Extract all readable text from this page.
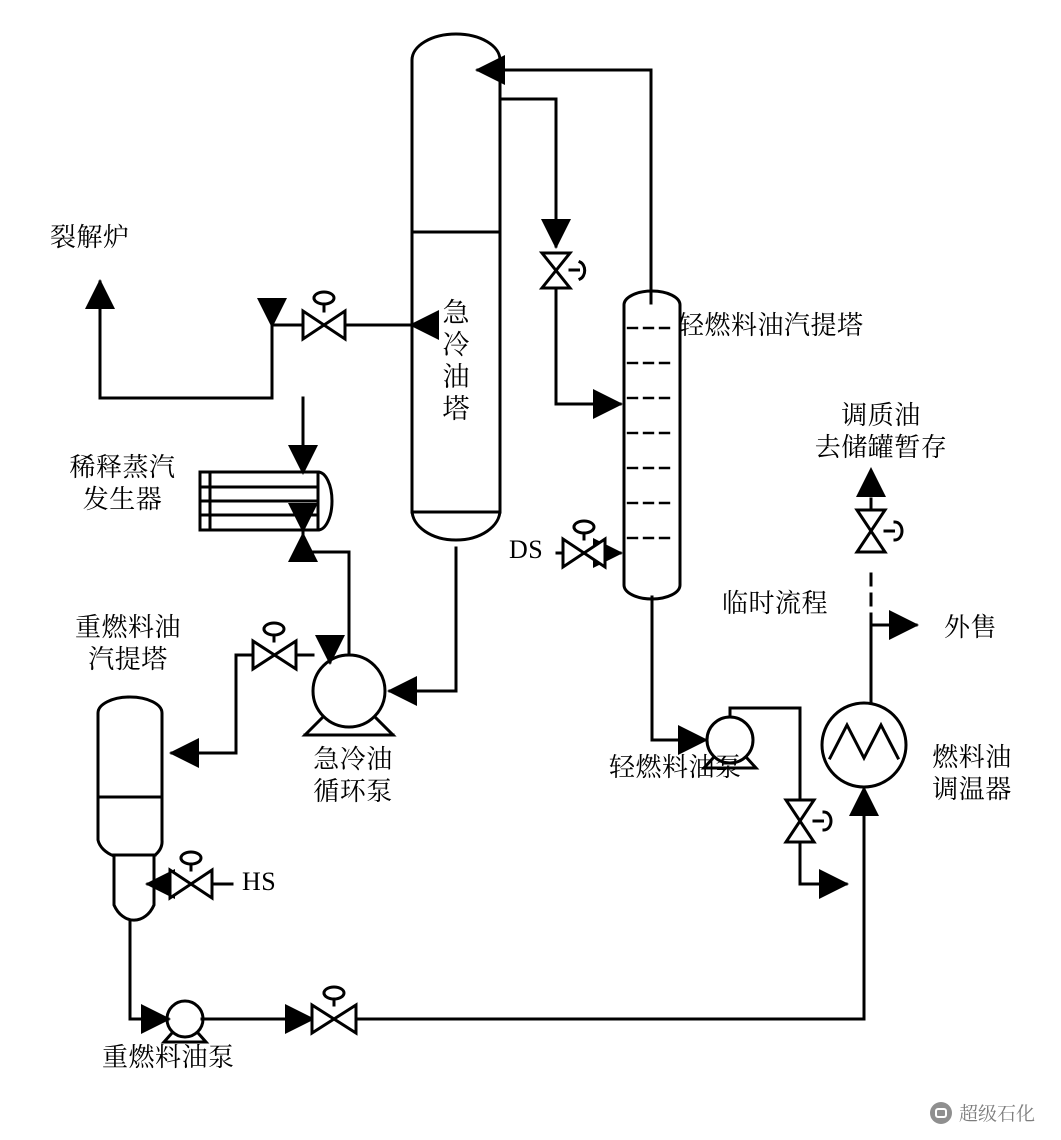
裂解炉
急
冷
油
塔
轻燃料油汽提塔
稀释蒸汽
发生器
重燃料油
汽提塔
急冷油
循环泵
轻燃料油泵
重燃料油泵
燃料油
调温器
调质油
去储罐暂存
临时流程
外售
DS
HS
超级石化
